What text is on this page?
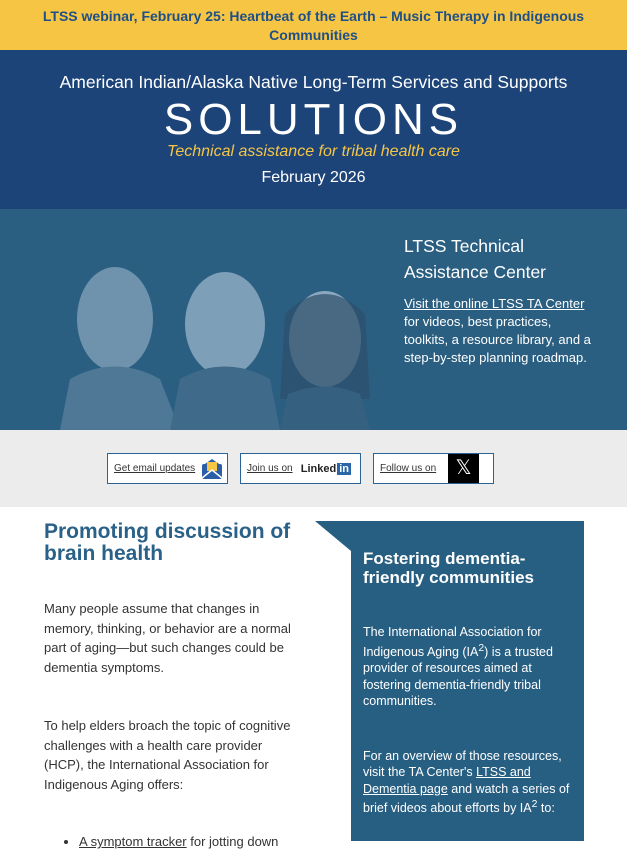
LTSS webinar, February 25: Heartbeat of the Earth – Music Therapy in Indigenous Communities
American Indian/Alaska Native Long-Term Services and Supports
SOLUTIONS
Technical assistance for tribal health care
February 2026
LTSS Technical Assistance Center
Visit the online LTSS TA Center for videos, best practices, toolkits, a resource library, and a step-by-step planning roadmap.
Get email updates	Join us on Linked in	Follow us on 𝕏
Promoting discussion of brain health

Many people assume that changes in memory, thinking, or behavior are a normal part of aging—but such changes could be dementia symptoms.

To help elders broach the topic of cognitive challenges with a health care provider (HCP), the International Association for Indigenous Aging offers:

• A symptom tracker for jotting down
Fostering dementia-friendly communities

The International Association for Indigenous Aging $(IA^2)$ is a trusted provider of resources aimed at fostering dementia-friendly tribal communities.

For an overview of those resources, visit the TA Center's LTSS and Dementia page and watch a series of brief videos about efforts by $IA^2$ to:
